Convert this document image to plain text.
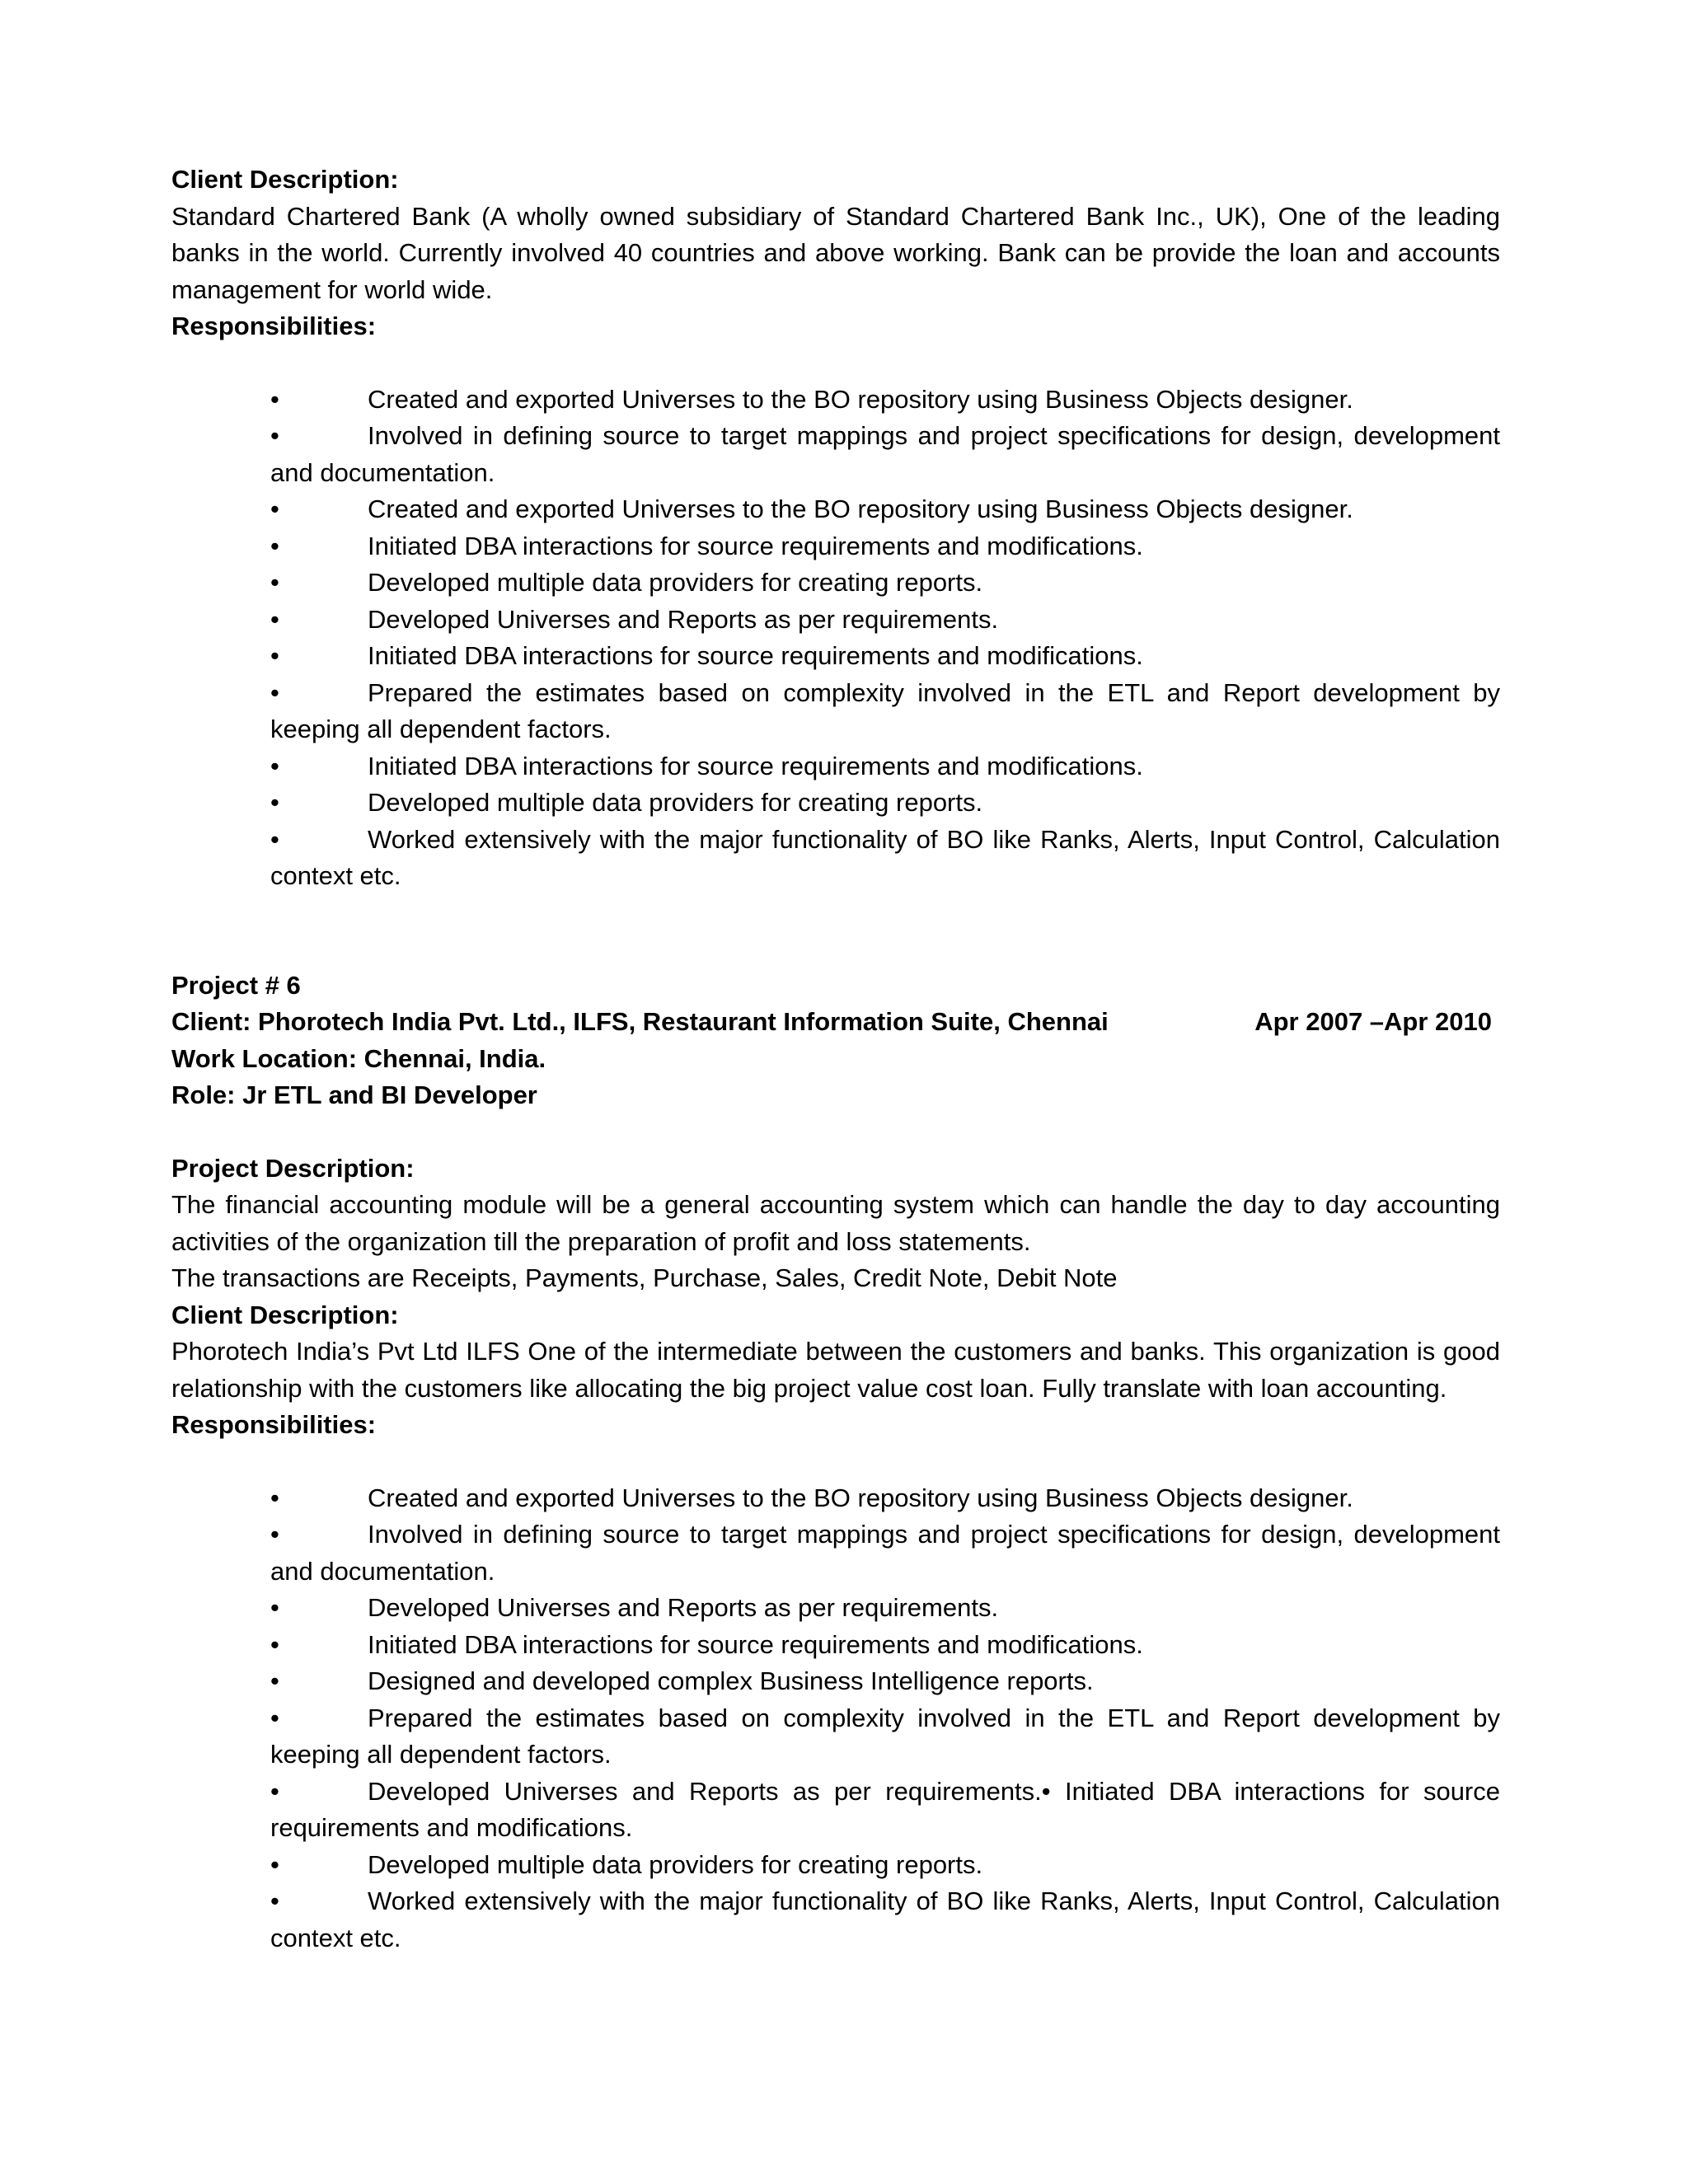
Client Description:

Standard Chartered Bank (A wholly owned subsidiary of Standard Chartered Bank Inc., UK), One of the leading banks in the world. Currently involved 40 countries and above working. Bank can be provide the loan and accounts management for world wide.

Responsibilities:

•	Created and exported Universes to the BO repository using Business Objects designer.
•	Involved in defining source to target mappings and project specifications for design, development and documentation.
•	Created and exported Universes to the BO repository using Business Objects designer.
•	Initiated DBA interactions for source requirements and modifications.
•	Developed multiple data providers for creating reports.
•	Developed Universes and Reports as per requirements.
•	Initiated DBA interactions for source requirements and modifications.
•	Prepared the estimates based on complexity involved in the ETL and Report development by keeping all dependent factors.
•	Initiated DBA interactions for source requirements and modifications.
•	Developed multiple data providers for creating reports.
•	Worked extensively with the major functionality of BO like Ranks, Alerts, Input Control, Calculation context etc.

Project # 6

Client: Phorotech India Pvt. Ltd., ILFS, Restaurant Information Suite, Chennai	Apr 2007 –Apr 2010

Work Location: Chennai, India.

Role: Jr ETL and BI Developer

Project Description:

The financial accounting module will be a general accounting system which can handle the day to day accounting activities of the organization till the preparation of profit and loss statements.

The transactions are Receipts, Payments, Purchase, Sales, Credit Note, Debit Note

Client Description:

Phorotech India’s Pvt Ltd ILFS One of the intermediate between the customers and banks. This organization is good relationship with the customers like allocating the big project value cost loan. Fully translate with loan accounting.

Responsibilities:

•	Created and exported Universes to the BO repository using Business Objects designer.
•	Involved in defining source to target mappings and project specifications for design, development and documentation.
•	Developed Universes and Reports as per requirements.
•	Initiated DBA interactions for source requirements and modifications.
•	Designed and developed complex Business Intelligence reports.
•	Prepared the estimates based on complexity involved in the ETL and Report development by keeping all dependent factors.
•	Developed Universes and Reports as per requirements.• Initiated DBA interactions for source requirements and modifications.
•	Developed multiple data providers for creating reports.
•	Worked extensively with the major functionality of BO like Ranks, Alerts, Input Control, Calculation context etc.
